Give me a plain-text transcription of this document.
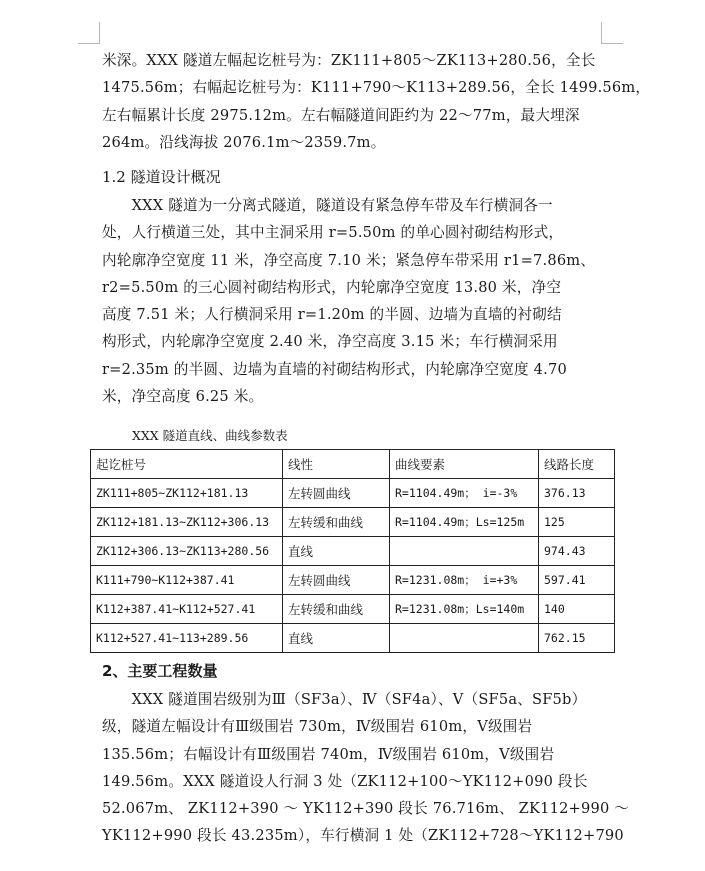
米深。XXX 隧道左幅起讫桩号为：ZK111+805～ZK113+280.56，全长
1475.56m；右幅起讫桩号为：K111+790～K113+289.56，全长 1499.56m，
左右幅累计长度 2975.12m。左右幅隧道间距约为 22～77m，最大埋深
264m。沿线海拔 2076.1m～2359.7m。
1.2 隧道设计概况
　　XXX 隧道为一分离式隧道，隧道设有紧急停车带及车行横洞各一
处，人行横道三处，其中主洞采用 r=5.50m 的单心圆衬砌结构形式，
内轮廓净空宽度 11 米，净空高度 7.10 米；紧急停车带采用 r1=7.86m、
r2=5.50m 的三心圆衬砌结构形式，内轮廓净空宽度 13.80 米，净空
高度 7.51 米；人行横洞采用 r=1.20m 的半圆、边墙为直墙的衬砌结
构形式，内轮廓净空宽度 2.40 米，净空高度 3.15 米；车行横洞采用
r=2.35m 的半圆、边墙为直墙的衬砌结构形式，内轮廓净空宽度 4.70
米，净空高度 6.25 米。
XXX 隧道直线、曲线参数表
起讫桩号	线性	曲线要素	线路长度
ZK111+805~ZK112+181.13	左转圆曲线	R=1104.49m； i=-3%	376.13
ZK112+181.13~ZK112+306.13	左转缓和曲线	R=1104.49m；Ls=125m	125
ZK112+306.13~ZK113+280.56	直线		974.43
K111+790~K112+387.41	左转圆曲线	R=1231.08m； i=+3%	597.41
K112+387.41~K112+527.41	左转缓和曲线	R=1231.08m；Ls=140m	140
K112+527.41~113+289.56	直线		762.15
2、主要工程数量
　　XXX 隧道围岩级别为Ⅲ（SF3a）、Ⅳ（SF4a）、Ⅴ（SF5a、SF5b）
级，隧道左幅设计有Ⅲ级围岩 730m，Ⅳ级围岩 610m，Ⅴ级围岩
135.56m；右幅设计有Ⅲ级围岩 740m，Ⅳ级围岩 610m，Ⅴ级围岩
149.56m。XXX 隧道设人行洞 3 处（ZK112+100～YK112+090 段长
52.067m、 ZK112+390 ～ YK112+390 段长 76.716m、 ZK112+990 ～
YK112+990 段长 43.235m），车行横洞 1 处（ZK112+728～YK112+790
